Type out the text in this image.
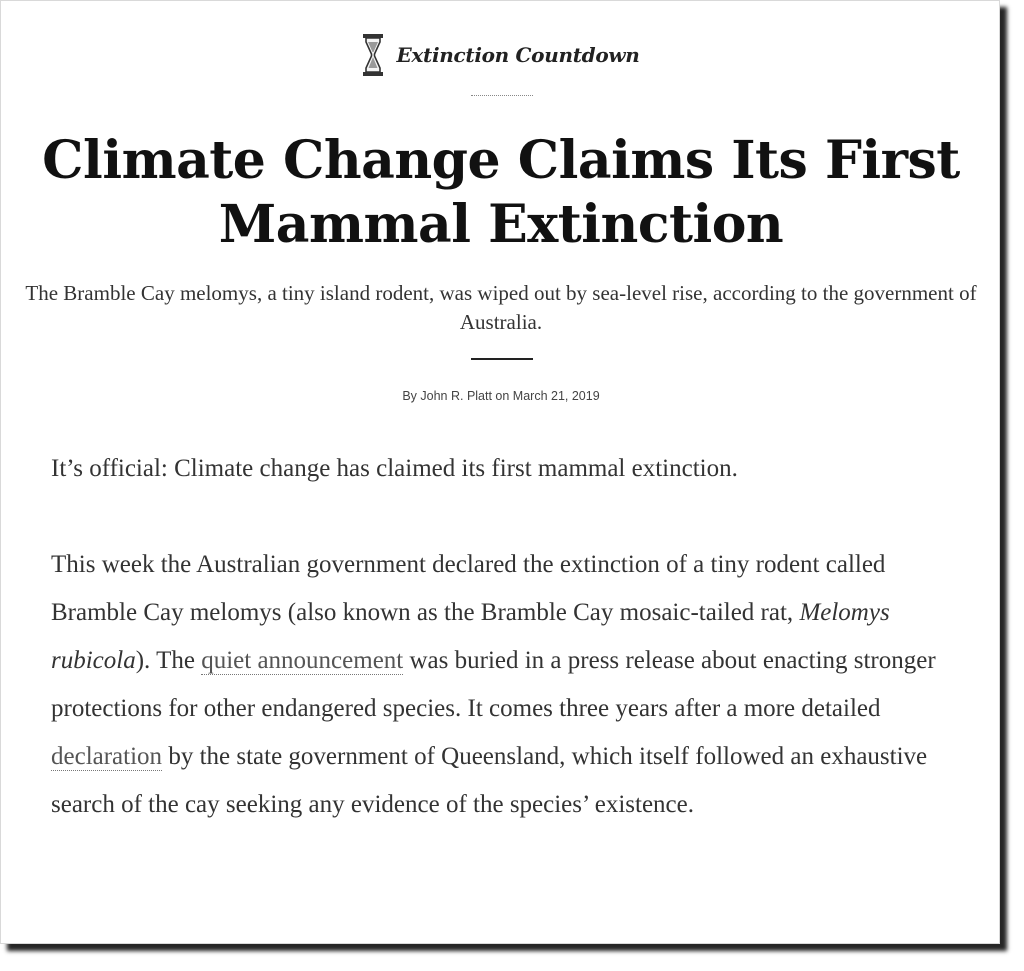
Extinction Countdown
Climate Change Claims Its First Mammal Extinction

The Bramble Cay melomys, a tiny island rodent, was wiped out by sea-level rise, according to the government of Australia.

By John R. Platt on March 21, 2019

It’s official: Climate change has claimed its first mammal extinction.

This week the Australian government declared the extinction of a tiny rodent called Bramble Cay melomys (also known as the Bramble Cay mosaic-tailed rat, Melomys rubicola). The quiet announcement was buried in a press release about enacting stronger protections for other endangered species. It comes three years after a more detailed declaration by the state government of Queensland, which itself followed an exhaustive search of the cay seeking any evidence of the species’ existence.
